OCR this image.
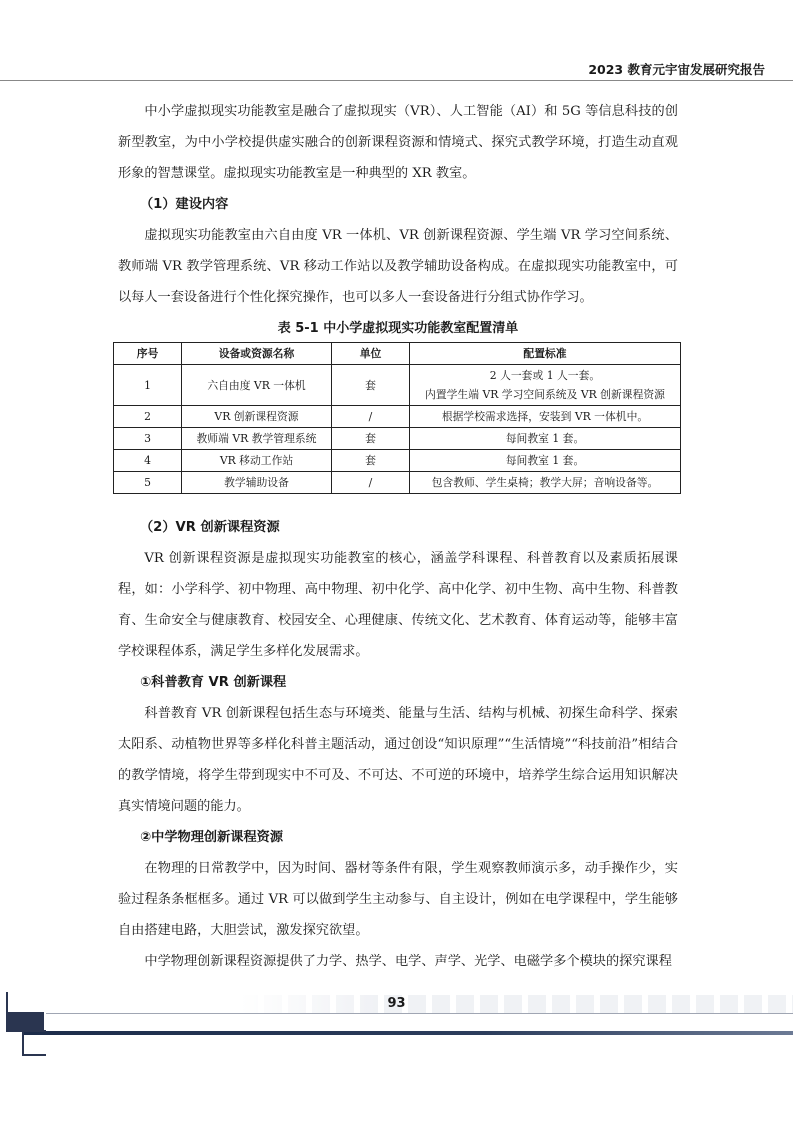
2023 教育元宇宙发展研究报告

中小学虚拟现实功能教室是融合了虚拟现实（VR）、人工智能（AI）和 5G 等信息科技的创新型教室，为中小学校提供虚实融合的创新课程资源和情境式、探究式教学环境，打造生动直观形象的智慧课堂。虚拟现实功能教室是一种典型的 XR 教室。

（1）建设内容

虚拟现实功能教室由六自由度 VR 一体机、VR 创新课程资源、学生端 VR 学习空间系统、教师端 VR 教学管理系统、VR 移动工作站以及教学辅助设备构成。在虚拟现实功能教室中，可以每人一套设备进行个性化探究操作，也可以多人一套设备进行分组式协作学习。

表 5-1 中小学虚拟现实功能教室配置清单
序号	设备或资源名称	单位	配置标准
1	六自由度 VR 一体机	套	2 人一套或 1 人一套。
内置学生端 VR 学习空间系统及 VR 创新课程资源

2	VR 创新课程资源	/	根据学校需求选择，安装到 VR 一体机中。
3	教师端 VR 教学管理系统	套	每间教室 1 套。
4	VR 移动工作站	套	每间教室 1 套。
5	教学辅助设备	/	包含教师、学生桌椅；教学大屏；音响设备等。
（2）VR 创新课程资源

VR 创新课程资源是虚拟现实功能教室的核心，涵盖学科课程、科普教育以及素质拓展课程，如：小学科学、初中物理、高中物理、初中化学、高中化学、初中生物、高中生物、科普教育、生命安全与健康教育、校园安全、心理健康、传统文化、艺术教育、体育运动等，能够丰富学校课程体系，满足学生多样化发展需求。

①科普教育 VR 创新课程

科普教育 VR 创新课程包括生态与环境类、能量与生活、结构与机械、初探生命科学、探索太阳系、动植物世界等多样化科普主题活动，通过创设“知识原理”“生活情境”“科技前沿”相结合的教学情境，将学生带到现实中不可及、不可达、不可逆的环境中，培养学生综合运用知识解决真实情境问题的能力。

②中学物理创新课程资源

在物理的日常教学中，因为时间、器材等条件有限，学生观察教师演示多，动手操作少，实验过程条条框框多。通过 VR 可以做到学生主动参与、自主设计，例如在电学课程中，学生能够自由搭建电路，大胆尝试，激发探究欲望。

中学物理创新课程资源提供了力学、热学、电学、声学、光学、电磁学多个模块的探究课程

93
